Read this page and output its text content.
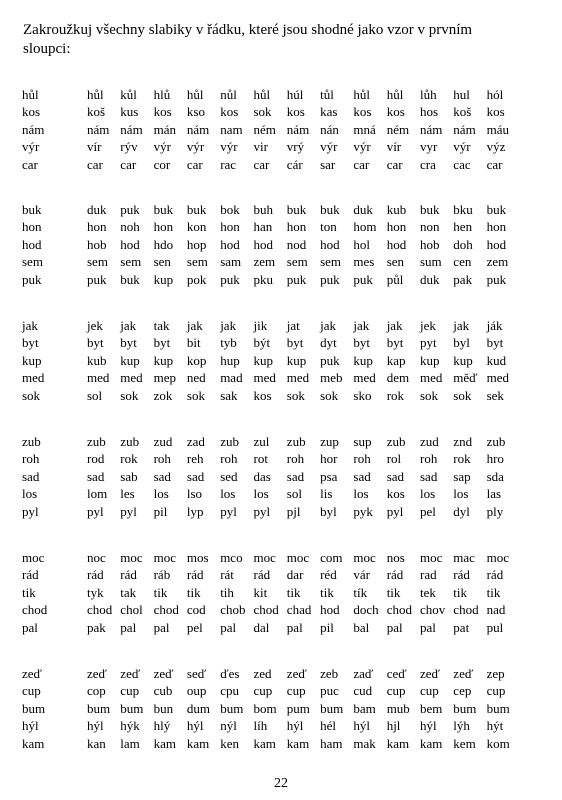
Zakroužkuj všechny slabiky v řádku, které jsou shodné jako vzor v prvním sloupci:
hůl	hůl kůl hlů hůl nůl hůl húl tůl hůl hůl lůh hul hól
kos	koš kus kos kso kos sok kos kas kos kos hos koš kos
nám	nám nám mán nám nam ném nám nán mná ném nám nám máu
výr	vír rýv výr výr výr vir vrý výr výr vír vyr výr výz
car	car car cor car rac car cár sar car car cra cac car
buk	duk puk buk buk bok buh buk buk duk kub buk bku buk
hon	hon noh hon kon hon han hon ton hom hon non hen hon
hod	hob hod hdo hop hod hod nod hod hol hod hob doh hod
sem	sem sem sen sem sam zem sem sem mes sen sum cen zem
puk	puk buk kup pok puk pku puk puk puk půl duk pak puk
jak	jek jak tak jak jak jik jat jak jak jak jek jak ják
byt	byt byt byt bit tyb být byt dyt byt byt pyt byl byt
kup	kub kup kup kop hup kup kup puk kup kap kup kup kud
med	med med mep ned mad med med meb med dem med měď med
sok	sol sok zok sok sak kos sok sok sko rok sok sok sek
zub	zub zub zud zad zub zul zub zup sup zub zud znd zub
roh	rod rok roh reh roh rot roh hor roh rol roh rok hro
sad	sad sab sad sad sed das sad psa sad sad sad sap sda
los	lom les los lso los los sol lis los kos los los las
pyl	pyl pyl pil lyp pyl pyl pjl byl pyk pyl pel dyl ply
moc	noc moc moc mos mco moc moc com moc nos moc mac moc
rád	rád rád ráb rád rát rád dar réd vár rád rad rád rád
tik	tyk tak tik tik tih kit tik tik tík tik tek tik tik
chod	chod chol chod cod chob chod chad hod doch chod chov chod nad
pal	pak pal pal pel pal dal pal pil bal pal pal pat pul
zeď	zeď zeď zeď seď ďes zed zeď zeb zaď ceď zeď zeď zep
cup	cop cup cub oup cpu cup cup puc cud cup cup cep cup
bum	bum bum bun dum bum bom pum bum bam mub bem bum bum
hýl	hýl hýk hlý hýl nýl líh hýl hél hýl hjl hýl lýh hýt
kam	kan lam kam kam ken kam kam ham mak kam kam kem kom
22
